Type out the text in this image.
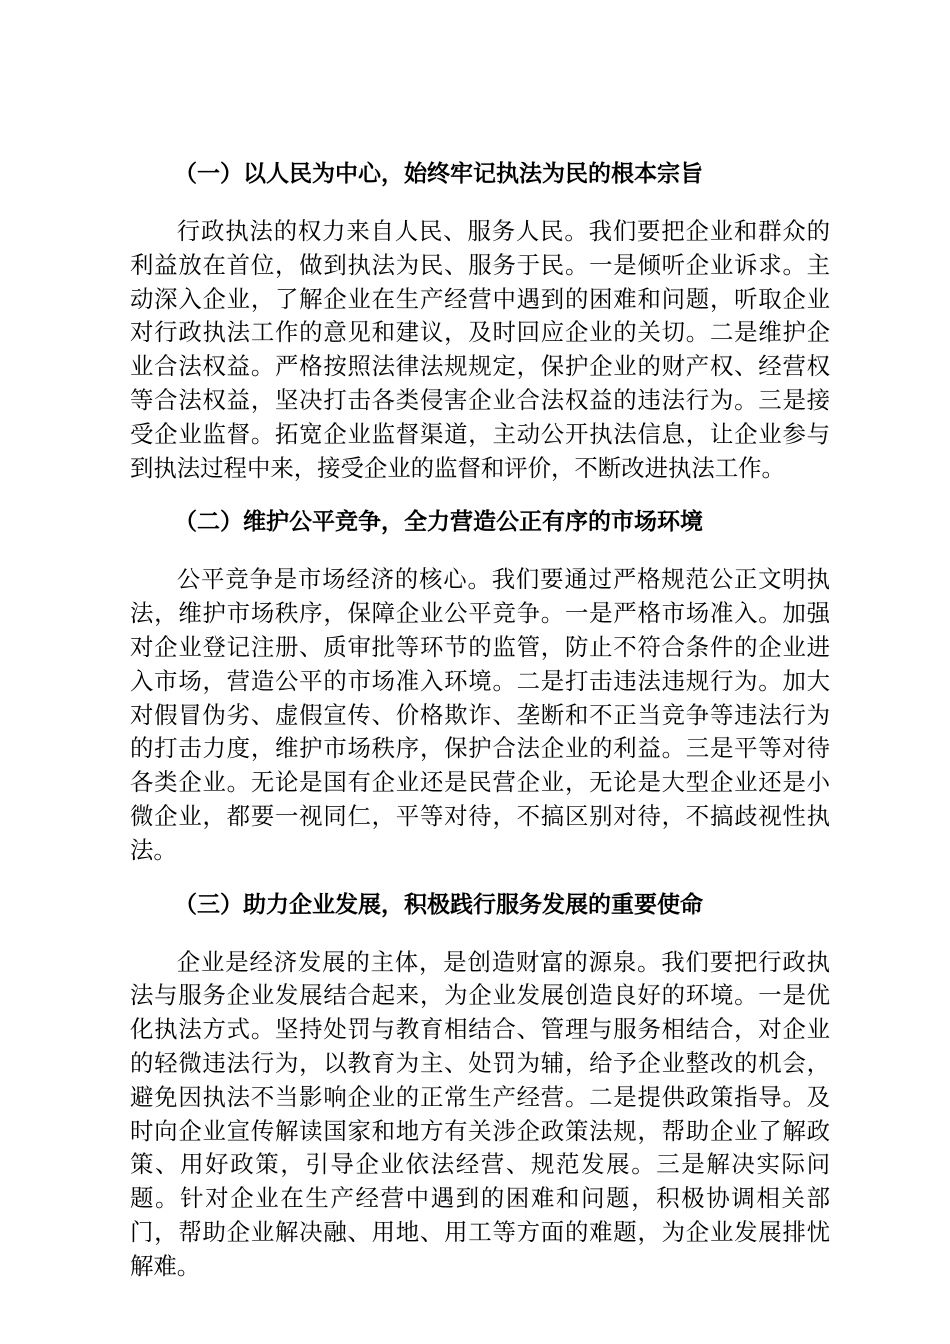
（一）以人民为中心，始终牢记执法为民的根本宗旨

行政执法的权力来自人民、服务人民。我们要把企业和群众的利益放在首位，做到执法为民、服务于民。一是倾听企业诉求。主动深入企业，了解企业在生产经营中遇到的困难和问题，听取企业对行政执法工作的意见和建议，及时回应企业的关切。二是维护企业合法权益。严格按照法律法规规定，保护企业的财产权、经营权等合法权益，坚决打击各类侵害企业合法权益的违法行为。三是接受企业监督。拓宽企业监督渠道，主动公开执法信息，让企业参与到执法过程中来，接受企业的监督和评价，不断改进执法工作。

（二）维护公平竞争，全力营造公正有序的市场环境

公平竞争是市场经济的核心。我们要通过严格规范公正文明执法，维护市场秩序，保障企业公平竞争。一是严格市场准入。加强对企业登记注册、质审批等环节的监管，防止不符合条件的企业进入市场，营造公平的市场准入环境。二是打击违法违规行为。加大对假冒伪劣、虚假宣传、价格欺诈、垄断和不正当竞争等违法行为的打击力度，维护市场秩序，保护合法企业的利益。三是平等对待各类企业。无论是国有企业还是民营企业，无论是大型企业还是小微企业，都要一视同仁，平等对待，不搞区别对待，不搞歧视性执法。

（三）助力企业发展，积极践行服务发展的重要使命

企业是经济发展的主体，是创造财富的源泉。我们要把行政执法与服务企业发展结合起来，为企业发展创造良好的环境。一是优化执法方式。坚持处罚与教育相结合、管理与服务相结合，对企业的轻微违法行为，以教育为主、处罚为辅，给予企业整改的机会，避免因执法不当影响企业的正常生产经营。二是提供政策指导。及时向企业宣传解读国家和地方有关涉企政策法规，帮助企业了解政策、用好政策，引导企业依法经营、规范发展。三是解决实际问题。针对企业在生产经营中遇到的困难和问题，积极协调相关部门，帮助企业解决融、用地、用工等方面的难题，为企业发展排忧解难。
